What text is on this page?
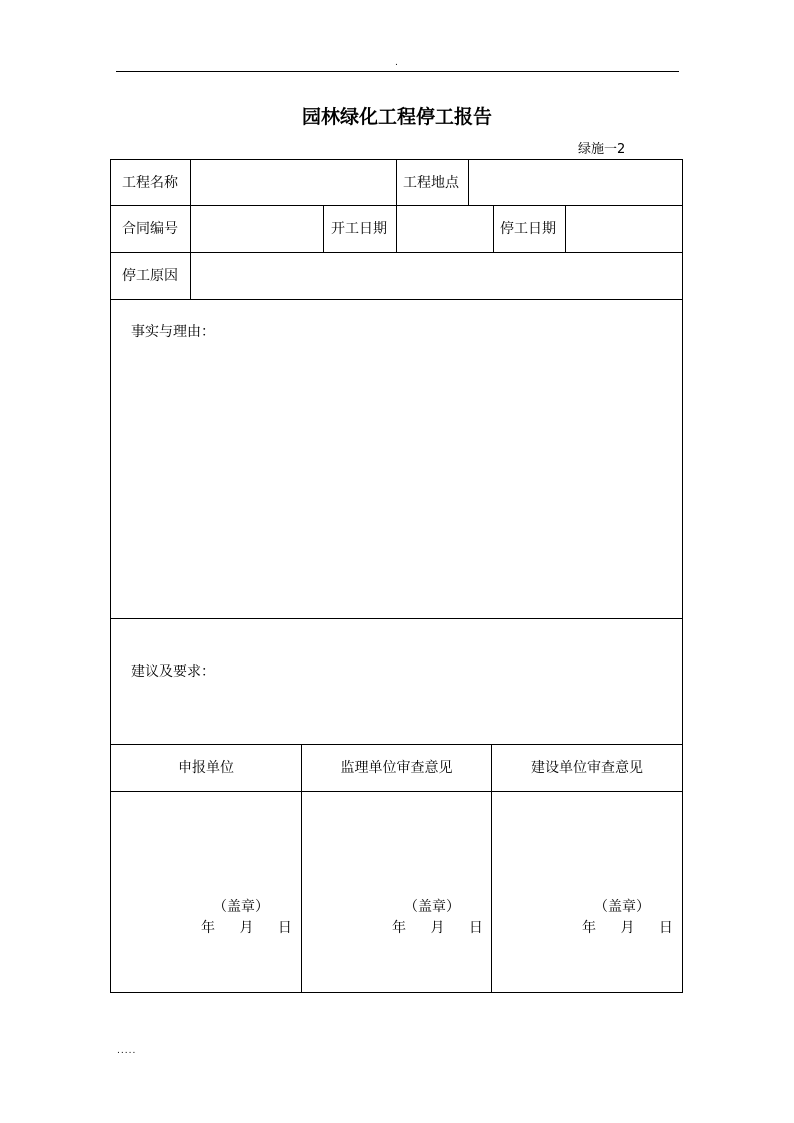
.
园林绿化工程停工报告
绿施一2
工程名称	工程地点
合同编号	开工日期	停工日期
停工原因
事实与理由：
建议及要求：
申报单位	监理单位审查意见	建设单位审查意见
（盖章）
年 月 日
（盖章）
年 月 日
（盖章）
年 月 日
.....
